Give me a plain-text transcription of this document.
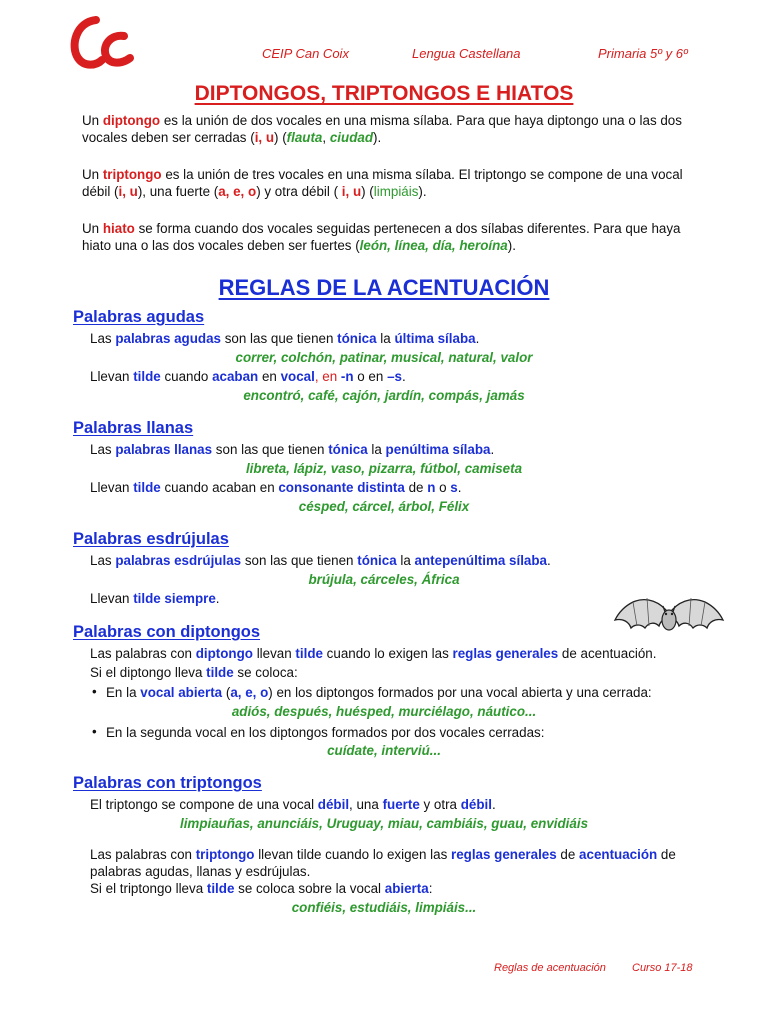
CEIP Can Coix	Lengua Castellana	Primaria 5º y 6º
DIPTONGOS, TRIPTONGOS E HIATOS
Un diptongo es la unión de dos vocales en una misma sílaba. Para que haya diptongo una o las dos vocales deben ser cerradas (i, u) (flauta, ciudad).
Un triptongo es la unión de tres vocales en una misma sílaba. El triptongo se compone de una vocal débil (i, u), una fuerte (a, e, o) y otra débil ( i, u) (limpiáis).
Un hiato se forma cuando dos vocales seguidas pertenecen a dos sílabas diferentes. Para que haya hiato una o las dos vocales deben ser fuertes (león, línea, día, heroína).
REGLAS DE LA ACENTUACIÓN
Palabras agudas
Las palabras agudas son las que tienen tónica la última sílaba.
correr, colchón, patinar, musical, natural, valor
Llevan tilde cuando acaban en vocal, en -n o en –s.
encontró, café, cajón, jardín, compás, jamás
Palabras llanas
Las palabras llanas son las que tienen tónica la penúltima sílaba.
libreta, lápiz, vaso, pizarra, fútbol, camiseta
Llevan tilde cuando acaban en consonante distinta de n o s.
césped, cárcel, árbol, Félix
Palabras esdrújulas
Las palabras esdrújulas son las que tienen tónica la antepenúltima sílaba.
brújula, cárceles, África
Llevan tilde siempre.
Palabras con diptongos
Las palabras con diptongo llevan tilde cuando lo exigen las reglas generales de acentuación.
Si el diptongo lleva tilde se coloca:
• En la vocal abierta (a, e, o) en los diptongos formados por una vocal abierta y una cerrada:
adiós, después, huésped, murciélago, náutico...
• En la segunda vocal en los diptongos formados por dos vocales cerradas:
cuídate, interviú...
Palabras con triptongos
El triptongo se compone de una vocal débil, una fuerte y otra débil.
limpiauñas, anunciáis, Uruguay, miau, cambiáis, guau, envidiáis
Las palabras con triptongo llevan tilde cuando lo exigen las reglas generales de acentuación de palabras agudas, llanas y esdrújulas.
Si el triptongo lleva tilde se coloca sobre la vocal abierta:
confiéis, estudiáis, limpiáis...
Reglas de acentuación Curso 17-18
